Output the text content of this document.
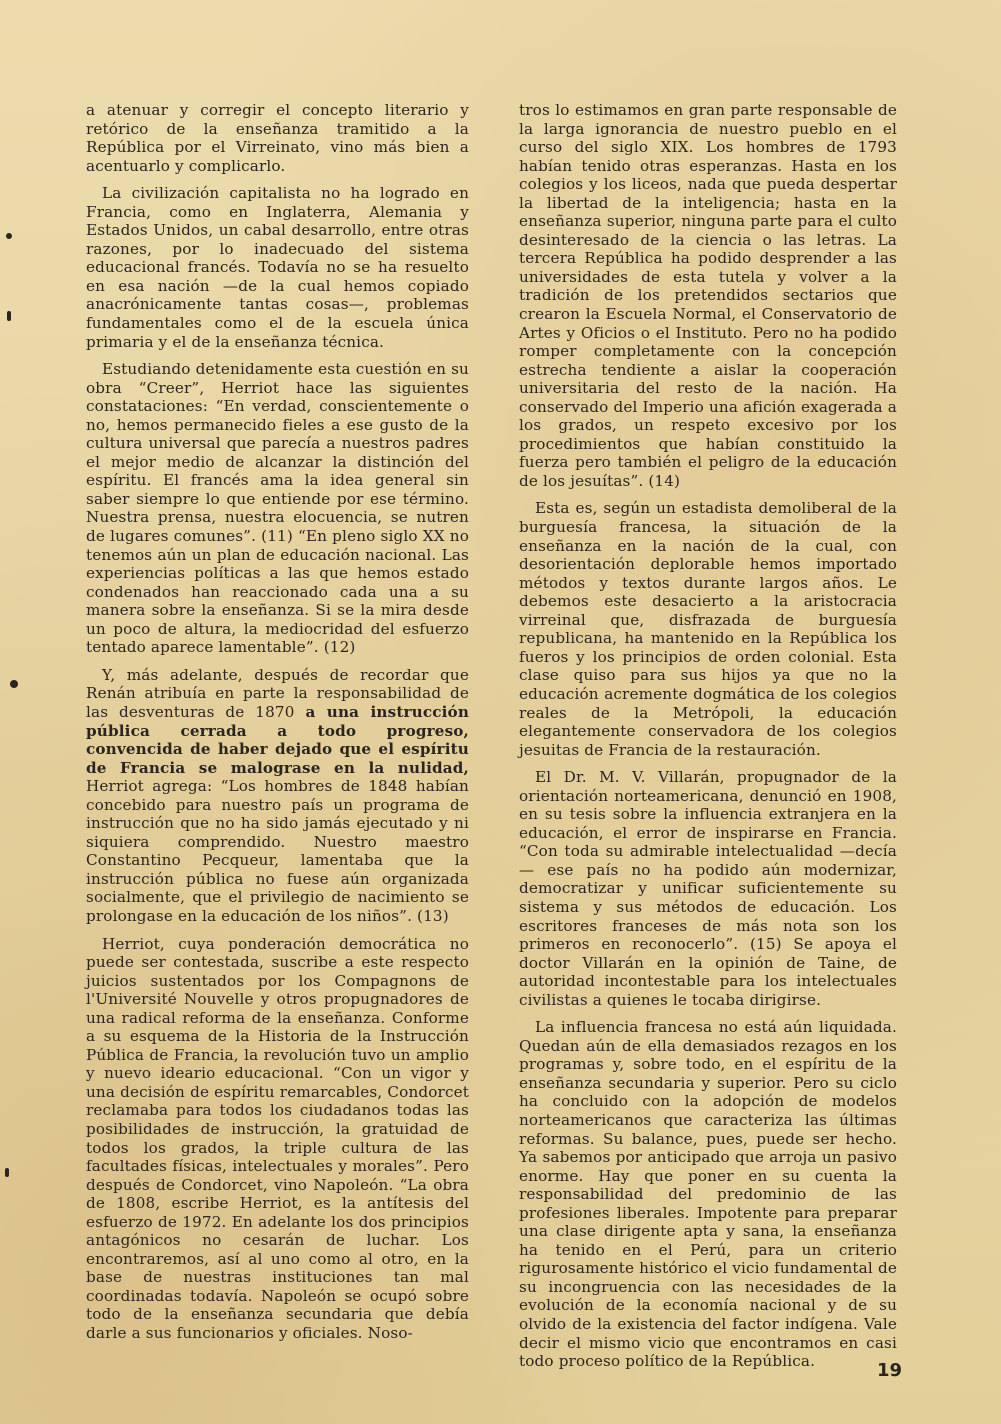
a atenuar y corregir el concepto literario y retórico de la enseñanza tramitido a la República por el Virreinato, vino más bien a acentuarlo y complicarlo.

La civilización capitalista no ha logrado en Francia, como en Inglaterra, Alemania y Estados Unidos, un cabal desarrollo, entre otras razones, por lo inadecuado del sistema educacional francés. Todavía no se ha resuelto en esa nación —de la cual hemos copiado anacrónicamente tantas cosas—, problemas fundamentales como el de la escuela única primaria y el de la enseñanza técnica.

Estudiando detenidamente esta cuestión en su obra “Creer”, Herriot hace las siguientes constataciones: “En verdad, conscientemente o no, hemos permanecido fieles a ese gusto de la cultura universal que parecía a nuestros padres el mejor medio de alcanzar la distinción del espíritu. El francés ama la idea general sin saber siempre lo que entiende por ese término. Nuestra prensa, nuestra elocuencia, se nutren de lugares comunes”. (11) “En pleno siglo XX no tenemos aún un plan de educación nacional. Las experiencias políticas a las que hemos estado condenados han reaccionado cada una a su manera sobre la enseñanza. Si se la mira desde un poco de altura, la mediocridad del esfuerzo tentado aparece lamentable”. (12)

Y, más adelante, después de recordar que Renán atribuía en parte la responsabilidad de las desventuras de 1870 a una instrucción pública cerrada a todo progreso, convencida de haber dejado que el espíritu de Francia se malograse en la nulidad, Herriot agrega: “Los hombres de 1848 habían concebido para nuestro país un programa de instrucción que no ha sido jamás ejecutado y ni siquiera comprendido. Nuestro maestro Constantino Pecqueur, lamentaba que la instrucción pública no fuese aún organizada socialmente, que el privilegio de nacimiento se prolongase en la educación de los niños”. (13)

Herriot, cuya ponderación democrática no puede ser contestada, suscribe a este respecto juicios sustentados por los Compagnons de l'Université Nouvelle y otros propugnadores de una radical reforma de la enseñanza. Conforme a su esquema de la Historia de la Instrucción Pública de Francia, la revolución tuvo un amplio y nuevo ideario educacional. “Con un vigor y una decisión de espíritu remarcables, Condorcet reclamaba para todos los ciudadanos todas las posibilidades de instrucción, la gratuidad de todos los grados, la triple cultura de las facultades físicas, intelectuales y morales”. Pero después de Condorcet, vino Napoleón. “La obra de 1808, escribe Herriot, es la antítesis del esfuerzo de 1972. En adelante los dos principios antagónicos no cesarán de luchar. Los encontraremos, así al uno como al otro, en la base de nuestras instituciones tan mal coordinadas todavía. Napoleón se ocupó sobre todo de la enseñanza secundaria que debía darle a sus funcionarios y oficiales. Noso-

tros lo estimamos en gran parte responsable de la larga ignorancia de nuestro pueblo en el curso del siglo XIX. Los hombres de 1793 habían tenido otras esperanzas. Hasta en los colegios y los liceos, nada que pueda despertar la libertad de la inteligencia; hasta en la enseñanza superior, ninguna parte para el culto desinteresado de la ciencia o las letras. La tercera República ha podido desprender a las universidades de esta tutela y volver a la tradición de los pretendidos sectarios que crearon la Escuela Normal, el Conservatorio de Artes y Oficios o el Instituto. Pero no ha podido romper completamente con la concepción estrecha tendiente a aislar la cooperación universitaria del resto de la nación. Ha conservado del Imperio una afición exagerada a los grados, un respeto excesivo por los procedimientos que habían constituido la fuerza pero también el peligro de la educación de los jesuítas”. (14)

Esta es, según un estadista demoliberal de la burguesía francesa, la situación de la enseñanza en la nación de la cual, con desorientación deplorable hemos importado métodos y textos durante largos años. Le debemos este desacierto a la aristocracia virreinal que, disfrazada de burguesía republicana, ha mantenido en la República los fueros y los principios de orden colonial. Esta clase quiso para sus hijos ya que no la educación acremente dogmática de los colegios reales de la Metrópoli, la educación elegantemente conservadora de los colegios jesuitas de Francia de la restauración.

El Dr. M. V. Villarán, propugnador de la orientación norteamericana, denunció en 1908, en su tesis sobre la influencia extranjera en la educación, el error de inspirarse en Francia. “Con toda su admirable intelectualidad —decía— ese país no ha podido aún modernizar, democratizar y unificar suficientemente su sistema y sus métodos de educación. Los escritores franceses de más nota son los primeros en reconocerlo”. (15) Se apoya el doctor Villarán en la opinión de Taine, de autoridad incontestable para los intelectuales civilistas a quienes le tocaba dirigirse.

La influencia francesa no está aún liquidada. Quedan aún de ella demasiados rezagos en los programas y, sobre todo, en el espíritu de la enseñanza secundaria y superior. Pero su ciclo ha concluido con la adopción de modelos norteamericanos que caracteriza las últimas reformas. Su balance, pues, puede ser hecho. Ya sabemos por anticipado que arroja un pasivo enorme. Hay que poner en su cuenta la responsabilidad del predominio de las profesiones liberales. Impotente para preparar una clase dirigente apta y sana, la enseñanza ha tenido en el Perú, para un criterio rigurosamente histórico el vicio fundamental de su incongruencia con las necesidades de la evolución de la economía nacional y de su olvido de la existencia del factor indígena. Vale decir el mismo vicio que encontramos en casi todo proceso político de la República.	19
